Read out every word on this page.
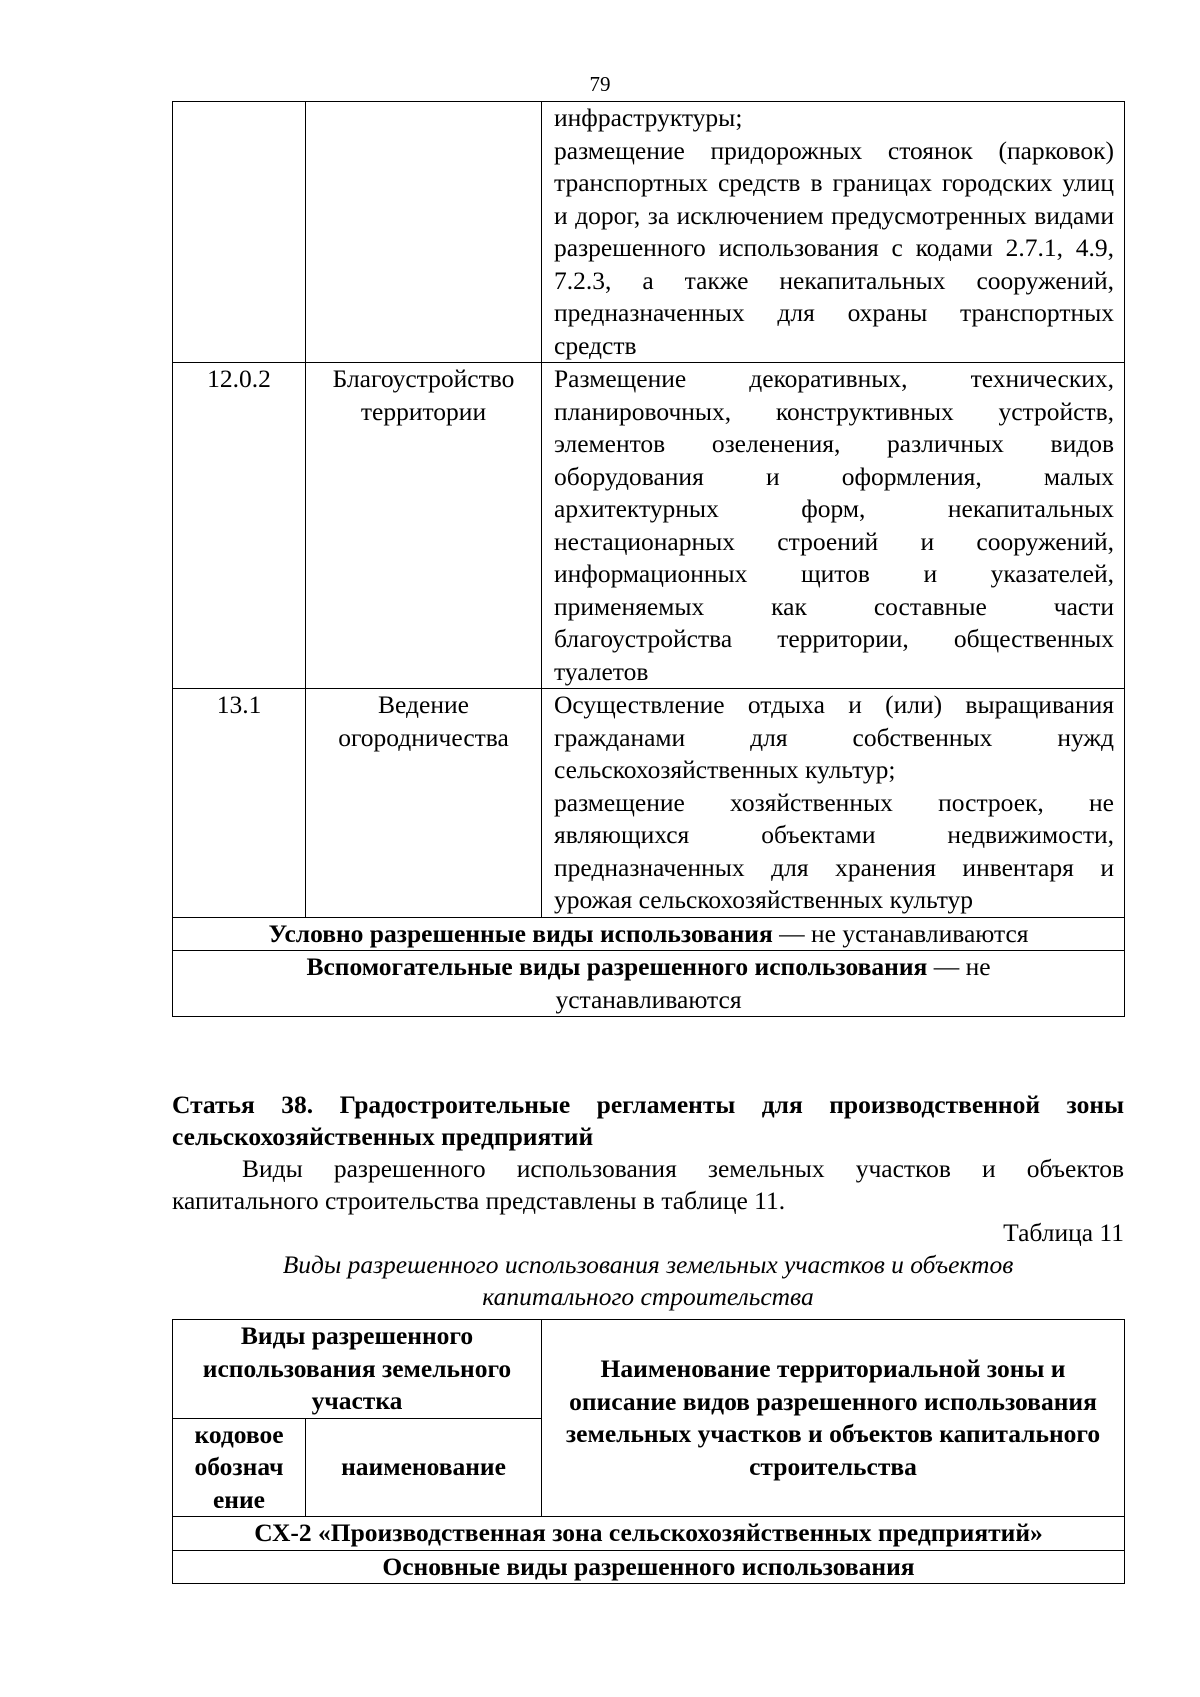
79

		инфраструктуры;

размещение придорожных стоянок (парковок) транспортных средств в границах городских улиц и дорог, за исключением предусмотренных видами разрешенного использования с кодами 2.7.1, 4.9, 7.2.3, а также некапитальных сооружений, предназначенных для охраны транспортных средств

12.0.2	Благоустройство территории	Размещение декоративных, технических, планировочных, конструктивных устройств, элементов озеленения, различных видов оборудования и оформления, малых архитектурных форм, некапитальных нестационарных строений и сооружений, информационных щитов и указателей, применяемых как составные части благоустройства территории, общественных туалетов

13.1	Ведение огородничества	Осуществление отдыха и (или) выращивания гражданами для собственных нужд сельскохозяйственных культур;

размещение хозяйственных построек, не являющихся объектами недвижимости, предназначенных для хранения инвентаря и урожая сельскохозяйственных культур

Условно разрешенные виды использования — не устанавливаются		
Вспомогательные виды разрешенного использования — не устанавливаются		

Статья 38. Градостроительные регламенты для производственной зоны сельскохозяйственных предприятий

Виды разрешенного использования земельных участков и объектов капитального строительства представлены в таблице 11.

Таблица 11

Виды разрешенного использования земельных участков и объектов капитального строительства

Виды разрешенного использования земельного участка		Наименование территориальной зоны и описание видов разрешенного использования земельных участков и объектов капитального строительства
кодовое обознач ение	наименование	
СХ-2 «Производственная зона сельскохозяйственных предприятий»		
Основные виды разрешенного использования		
